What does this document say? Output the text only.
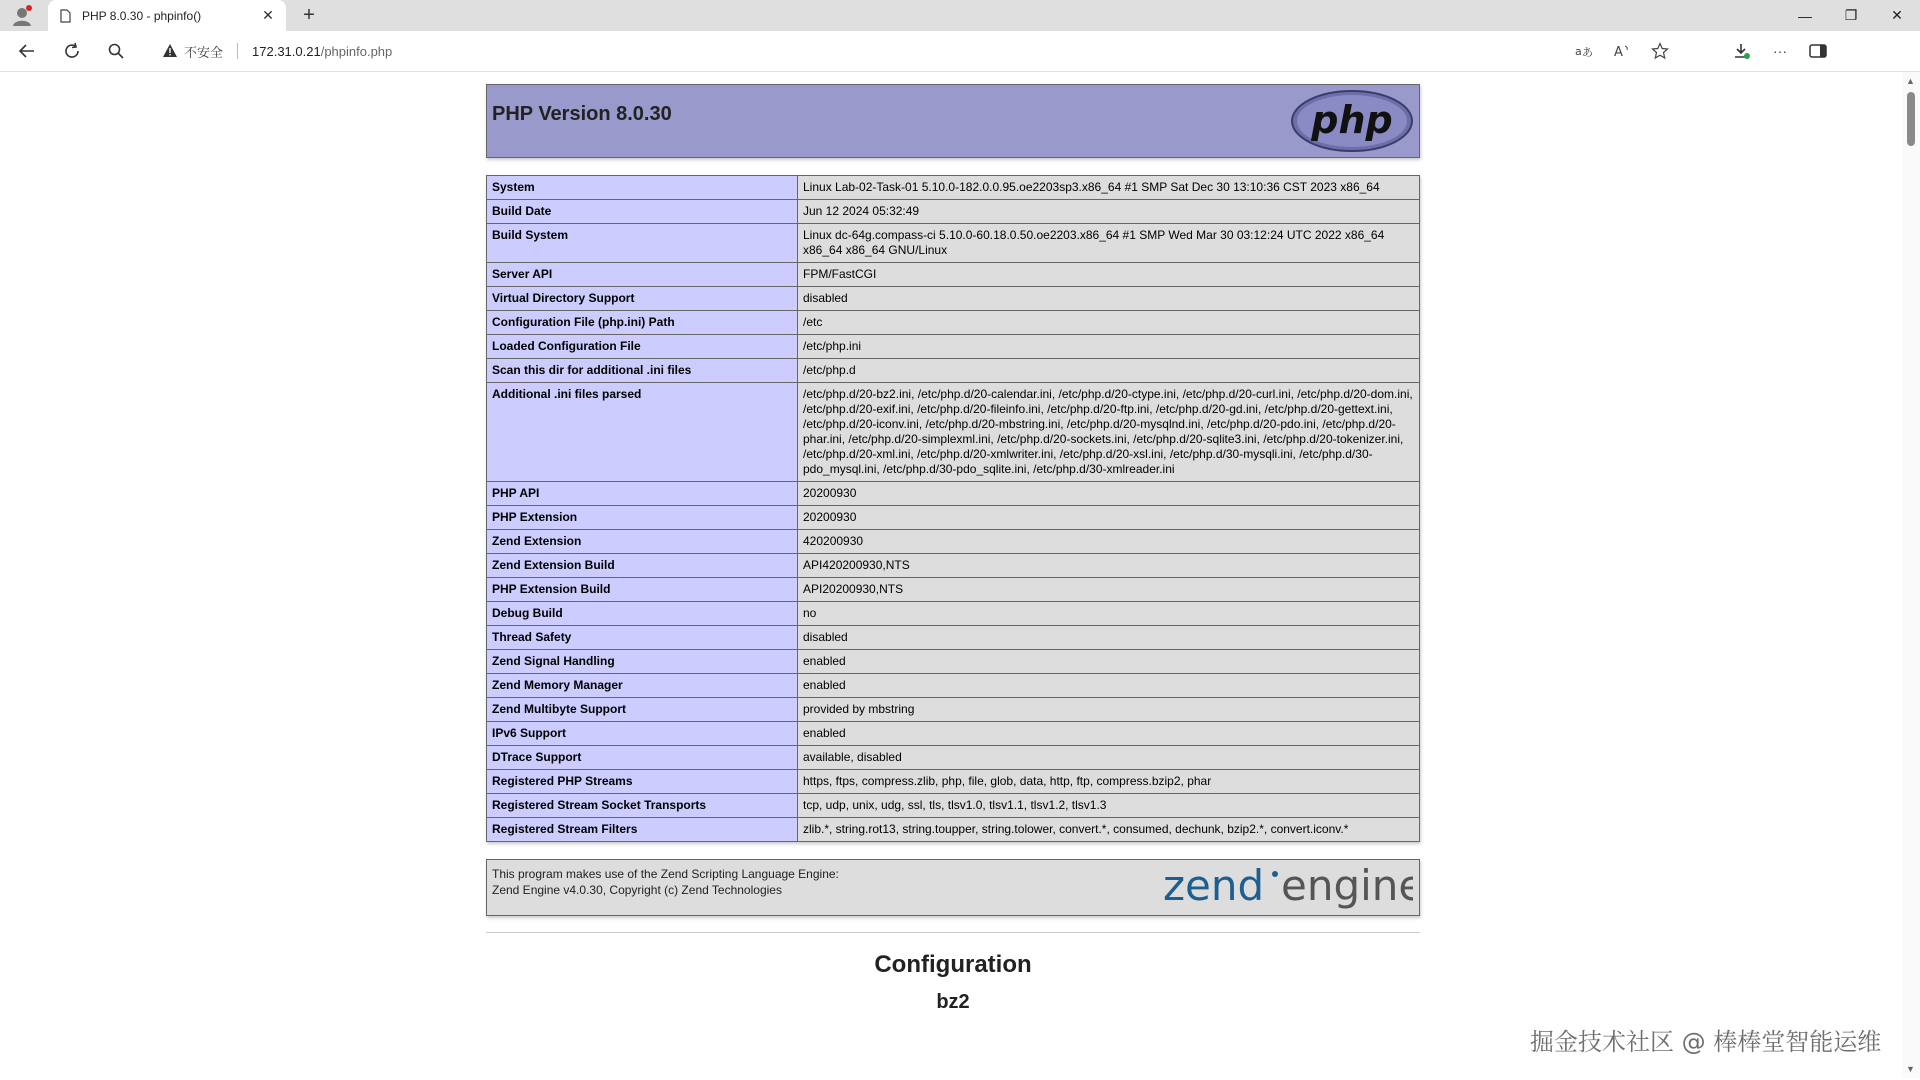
PHP 8.0.30 - phpinfo()	✕	+	—	❐	✕
不安全 172.31.0.21 /phpinfo.php	a あ A	···
PHP Version 8.0.30	php
System	Linux Lab-02-Task-01 5.10.0-182.0.0.95.oe2203sp3.x86_64 #1 SMP Sat Dec 30 13:10:36 CST 2023 x86_64
Build Date	Jun 12 2024 05:32:49
Build System	Linux dc-64g.compass-ci 5.10.0-60.18.0.50.oe2203.x86_64 #1 SMP Wed Mar 30 03:12:24 UTC 2022 x86_64 x86_64 x86_64 GNU/Linux
Server API	FPM/FastCGI
Virtual Directory Support	disabled
Configuration File (php.ini) Path	/etc
Loaded Configuration File	/etc/php.ini
Scan this dir for additional .ini files	/etc/php.d
Additional .ini files parsed	/etc/php.d/20-bz2.ini, /etc/php.d/20-calendar.ini, /etc/php.d/20-ctype.ini, /etc/php.d/20-curl.ini, /etc/php.d/20-dom.ini, /etc/php.d/20-exif.ini, /etc/php.d/20-fileinfo.ini, /etc/php.d/20-ftp.ini, /etc/php.d/20-gd.ini, /etc/php.d/20-gettext.ini, /etc/php.d/20-iconv.ini, /etc/php.d/20-mbstring.ini, /etc/php.d/20-mysqlnd.ini, /etc/php.d/20-pdo.ini, /etc/php.d/20-phar.ini, /etc/php.d/20-simplexml.ini, /etc/php.d/20-sockets.ini, /etc/php.d/20-sqlite3.ini, /etc/php.d/20-tokenizer.ini, /etc/php.d/20-xml.ini, /etc/php.d/20-xmlwriter.ini, /etc/php.d/20-xsl.ini, /etc/php.d/30-mysqli.ini, /etc/php.d/30-pdo_mysql.ini, /etc/php.d/30-pdo_sqlite.ini, /etc/php.d/30-xmlreader.ini
PHP API	20200930
PHP Extension	20200930
Zend Extension	420200930
Zend Extension Build	API420200930,NTS
PHP Extension Build	API20200930,NTS
Debug Build	no
Thread Safety	disabled
Zend Signal Handling	enabled
Zend Memory Manager	enabled
Zend Multibyte Support	provided by mbstring
IPv6 Support	enabled
DTrace Support	available, disabled
Registered PHP Streams	https, ftps, compress.zlib, php, file, glob, data, http, ftp, compress.bzip2, phar
Registered Stream Socket Transports	tcp, udp, unix, udg, ssl, tls, tlsv1.0, tlsv1.1, tlsv1.2, tlsv1.3
Registered Stream Filters	zlib.*, string.rot13, string.toupper, string.tolower, convert.*, consumed, dechunk, bzip2.*, convert.iconv.*
This program makes use of the Zend Scripting Language Engine:
Zend Engine v4.0.30, Copyright (c) Zend Technologies	zend engine
Configuration
bz2
▲
▼
掘金技术社区 @ 棒棒堂智能运维
